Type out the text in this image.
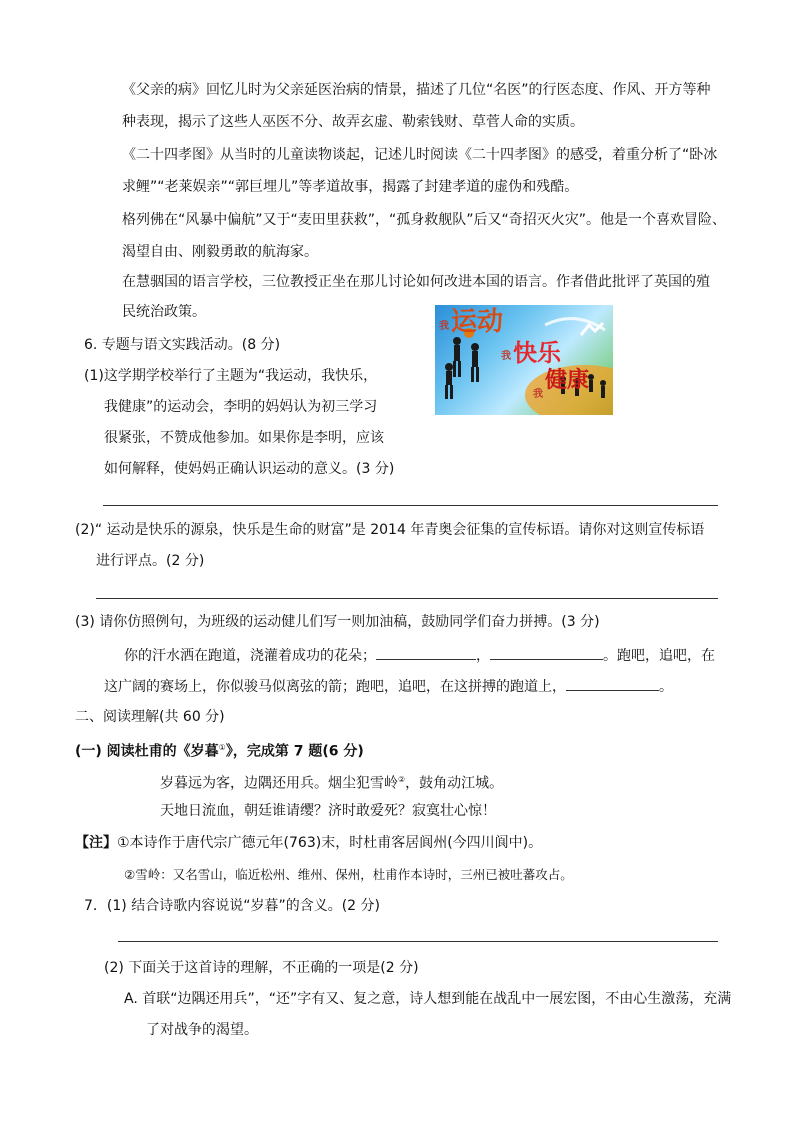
《父亲的病》回忆儿时为父亲延医治病的情景，描述了几位“名医”的行医态度、作风、开方等种
种表现，揭示了这些人巫医不分、故弄玄虚、勒索钱财、草菅人命的实质。
《二十四孝图》从当时的儿童读物谈起，记述儿时阅读《二十四孝图》的感受，着重分析了“卧冰
求鲤”“老莱娱亲”“郭巨埋儿”等孝道故事，揭露了封建孝道的虚伪和残酷。
格列佛在“风暴中偏航”又于“麦田里获救”，“孤身救舰队”后又“奇招灭火灾”。他是一个喜欢冒险、
渴望自由、刚毅勇敢的航海家。
在慧骃国的语言学校，三位教授正坐在那儿讨论如何改进本国的语言。作者借此批评了英国的殖
民统治政策。
6. 专题与语文实践活动。(8 分)
(1)这学期学校举行了主题为“我运动，我快乐，
我健康”的运动会，李明的妈妈认为初三学习
很紧张，不赞成他参加。如果你是李明，应该
如何解释，使妈妈正确认识运动的意义。(3 分)
我 运动
我 快乐
我
健康
(2)“ 运动是快乐的源泉，快乐是生命的财富”是 2014 年青奥会征集的宣传标语。请你对这则宣传标语
进行评点。(2 分)
(3) 请你仿照例句，为班级的运动健儿们写一则加油稿，鼓励同学们奋力拼搏。(3 分)
你的汗水洒在跑道，浇灌着成功的花朵；	，	。跑吧，追吧，在
这广阔的赛场上，你似骏马似离弦的箭；跑吧，追吧，在这拼搏的跑道上，	。
二、阅读理解(共 60 分)
(一) 阅读杜甫的《岁暮①》，完成第 7 题(6 分)
岁暮远为客，边隅还用兵。烟尘犯雪岭②，鼓角动江城。
天地日流血，朝廷谁请缨？济时敢爱死？寂寞壮心惊！
【注】①本诗作于唐代宗广德元年(763)末，时杜甫客居阆州(今四川阆中)。
②雪岭：又名雪山，临近松州、维州、保州，杜甫作本诗时，三州已被吐蕃攻占。
7．(1) 结合诗歌内容说说“岁暮”的含义。(2 分)
(2) 下面关于这首诗的理解，不正确的一项是(2 分)
A. 首联“边隅还用兵”，“还”字有又、复之意，诗人想到能在战乱中一展宏图，不由心生激荡，充满
了对战争的渴望。
